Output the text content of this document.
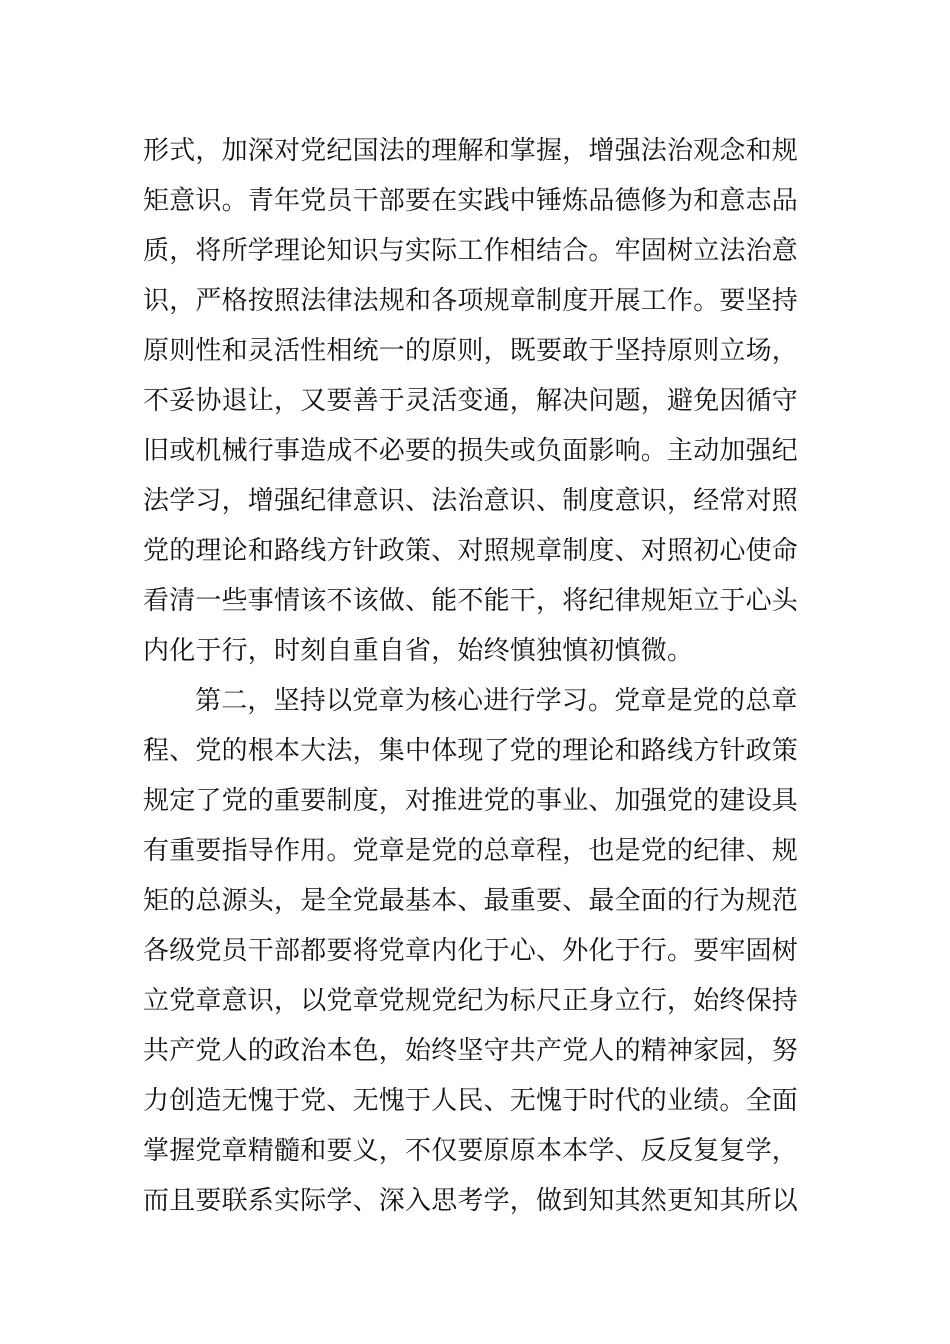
形式，加深对党纪国法的理解和掌握，增强法治观念和规
矩意识。青年党员干部要在实践中锤炼品德修为和意志品
质，将所学理论知识与实际工作相结合。牢固树立法治意
识，严格按照法律法规和各项规章制度开展工作。要坚持
原则性和灵活性相统一的原则，既要敢于坚持原则立场，
不妥协退让，又要善于灵活变通，解决问题，避免因循守
旧或机械行事造成不必要的损失或负面影响。主动加强纪
法学习，增强纪律意识、法治意识、制度意识，经常对照
党的理论和路线方针政策、对照规章制度、对照初心使命
看清一些事情该不该做、能不能干，将纪律规矩立于心头
内化于行，时刻自重自省，始终慎独慎初慎微。
第二，坚持以党章为核心进行学习。党章是党的总章
程、党的根本大法，集中体现了党的理论和路线方针政策
规定了党的重要制度，对推进党的事业、加强党的建设具
有重要指导作用。党章是党的总章程，也是党的纪律、规
矩的总源头，是全党最基本、最重要、最全面的行为规范
各级党员干部都要将党章内化于心、外化于行。要牢固树
立党章意识，以党章党规党纪为标尺正身立行，始终保持
共产党人的政治本色，始终坚守共产党人的精神家园，努
力创造无愧于党、无愧于人民、无愧于时代的业绩。全面
掌握党章精髓和要义，不仅要原原本本学、反反复复学，
而且要联系实际学、深入思考学，做到知其然更知其所以
